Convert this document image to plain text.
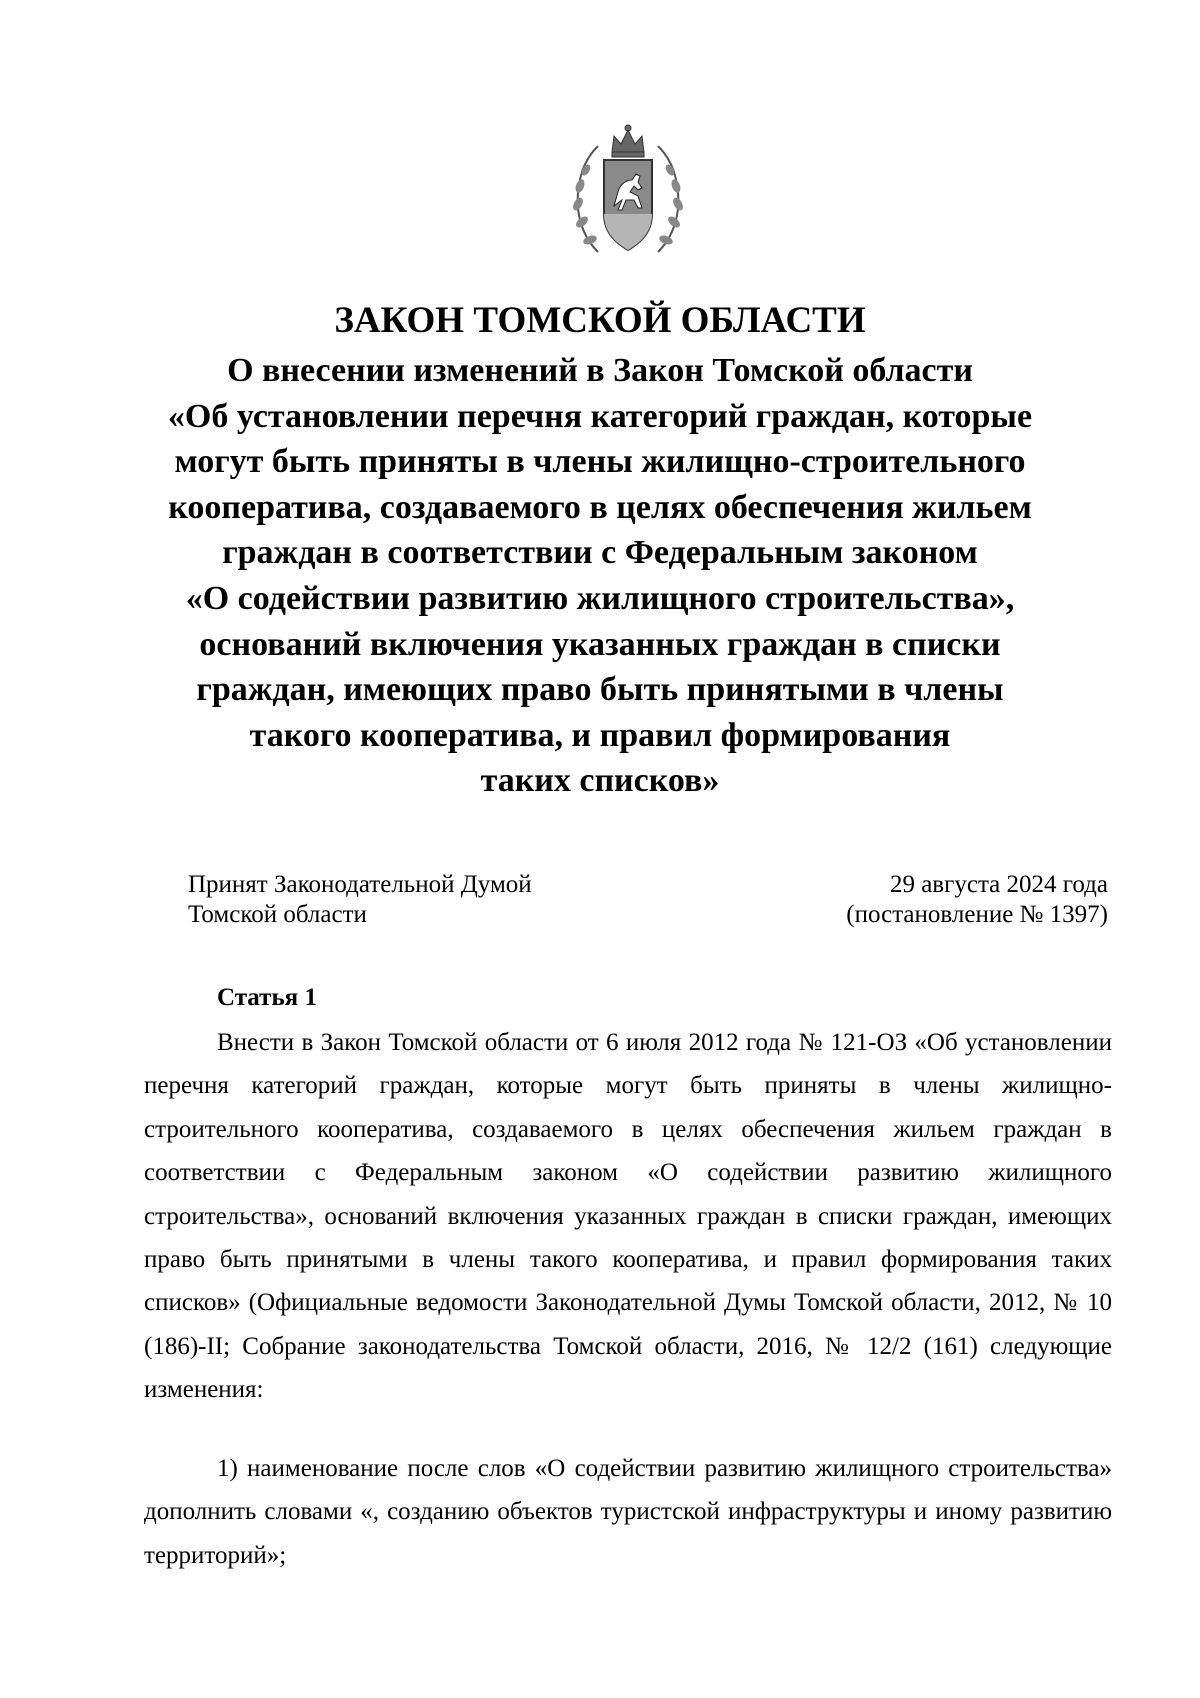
ЗАКОН ТОМСКОЙ ОБЛАСТИ
О внесении изменений в Закон Томской области
«Об установлении перечня категорий граждан, которые
могут быть приняты в члены жилищно-строительного
кооператива, создаваемого в целях обеспечения жильем
граждан в соответствии с Федеральным законом
«О содействии развитию жилищного строительства»,
оснований включения указанных граждан в списки
граждан, имеющих право быть принятыми в члены
такого кооператива, и правил формирования
таких списков»
Принят Законодательной Думой
Томской области
29 августа 2024 года
(постановление № 1397)
Статья 1

Внести в Закон Томской области от 6 июля 2012 года № 121-ОЗ «Об установлении перечня категорий граждан, которые могут быть приняты в члены жилищно-строительного кооператива, создаваемого в целях обеспечения жильем граждан в соответствии с Федеральным законом «О содействии развитию жилищного строительства», оснований включения указанных граждан в списки граждан, имеющих право быть принятыми в члены такого кооператива, и правил формирования таких списков» (Официальные ведомости Законодательной Думы Томской области, 2012, № 10 (186)-II; Собрание законодательства Томской области, 2016, № 12/2 (161) следующие изменения:

1) наименование после слов «О содействии развитию жилищного строительства» дополнить словами «, созданию объектов туристской инфраструктуры и иному развитию территорий»;
